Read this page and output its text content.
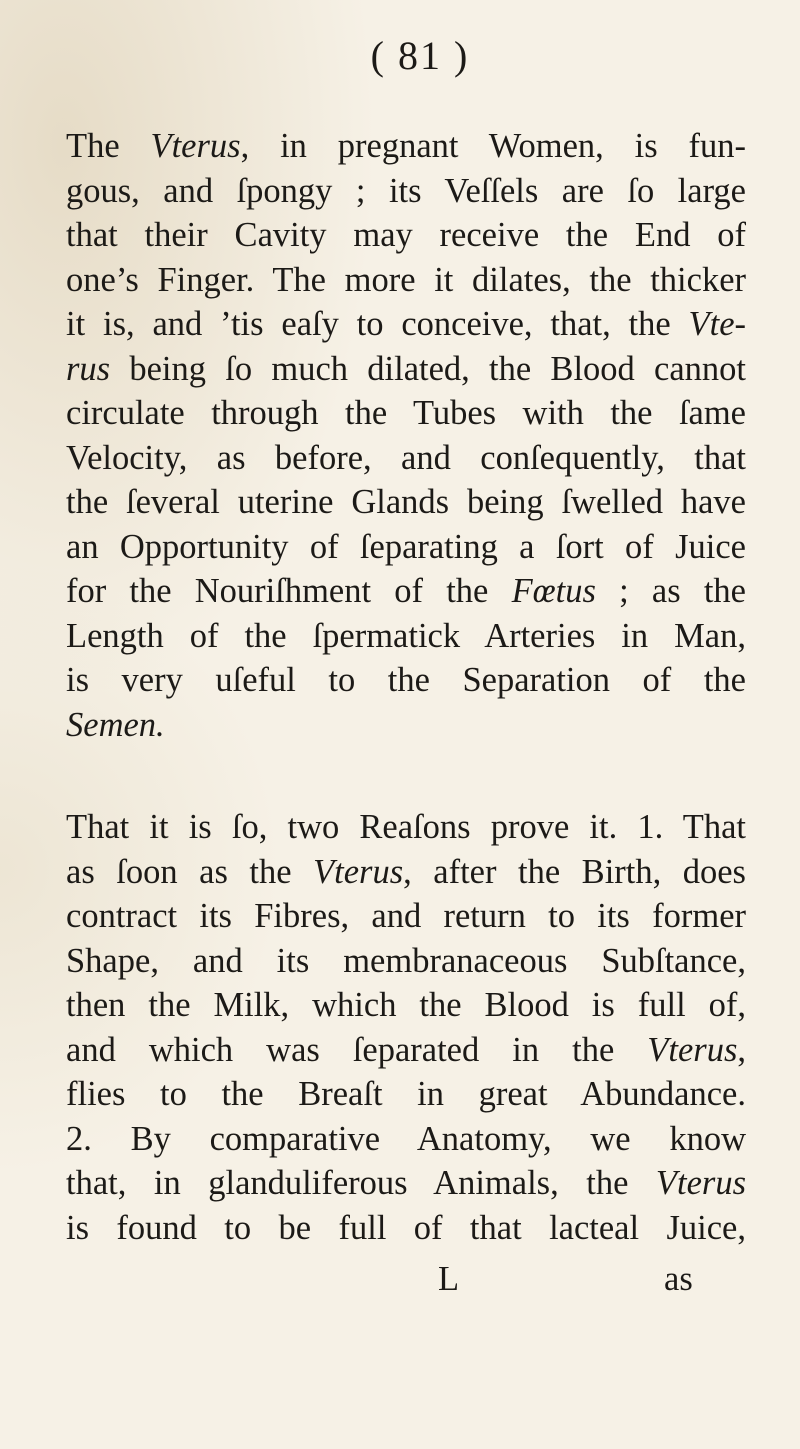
( 81 )
The Vterus, in pregnant Women, is fun-
gous, and ſpongy ; its Veſſels are ſo large
that their Cavity may receive the End of
one’s Finger. The more it dilates, the thicker
it is, and ’tis eaſy to conceive, that, the Vte-
rus being ſo much dilated, the Blood cannot
circulate through the Tubes with the ſame
Velocity, as before, and conſequently, that
the ſeveral uterine Glands being ſwelled have
an Opportunity of ſeparating a ſort of Juice
for the Nouriſhment of the Fœtus ; as the
Length of the ſpermatick Arteries in Man,
is very uſeful to the Separation of the
Semen.
That it is ſo, two Reaſons prove it. 1. That
as ſoon as the Vterus, after the Birth, does
contract its Fibres, and return to its former
Shape, and its membranaceous Subſtance,
then the Milk, which the Blood is full of,
and which was ſeparated in the Vterus,
flies to the Breaſt in great Abundance.
2. By comparative Anatomy, we know
that, in glanduliferous Animals, the Vterus
is found to be full of that lacteal Juice,
L	as
